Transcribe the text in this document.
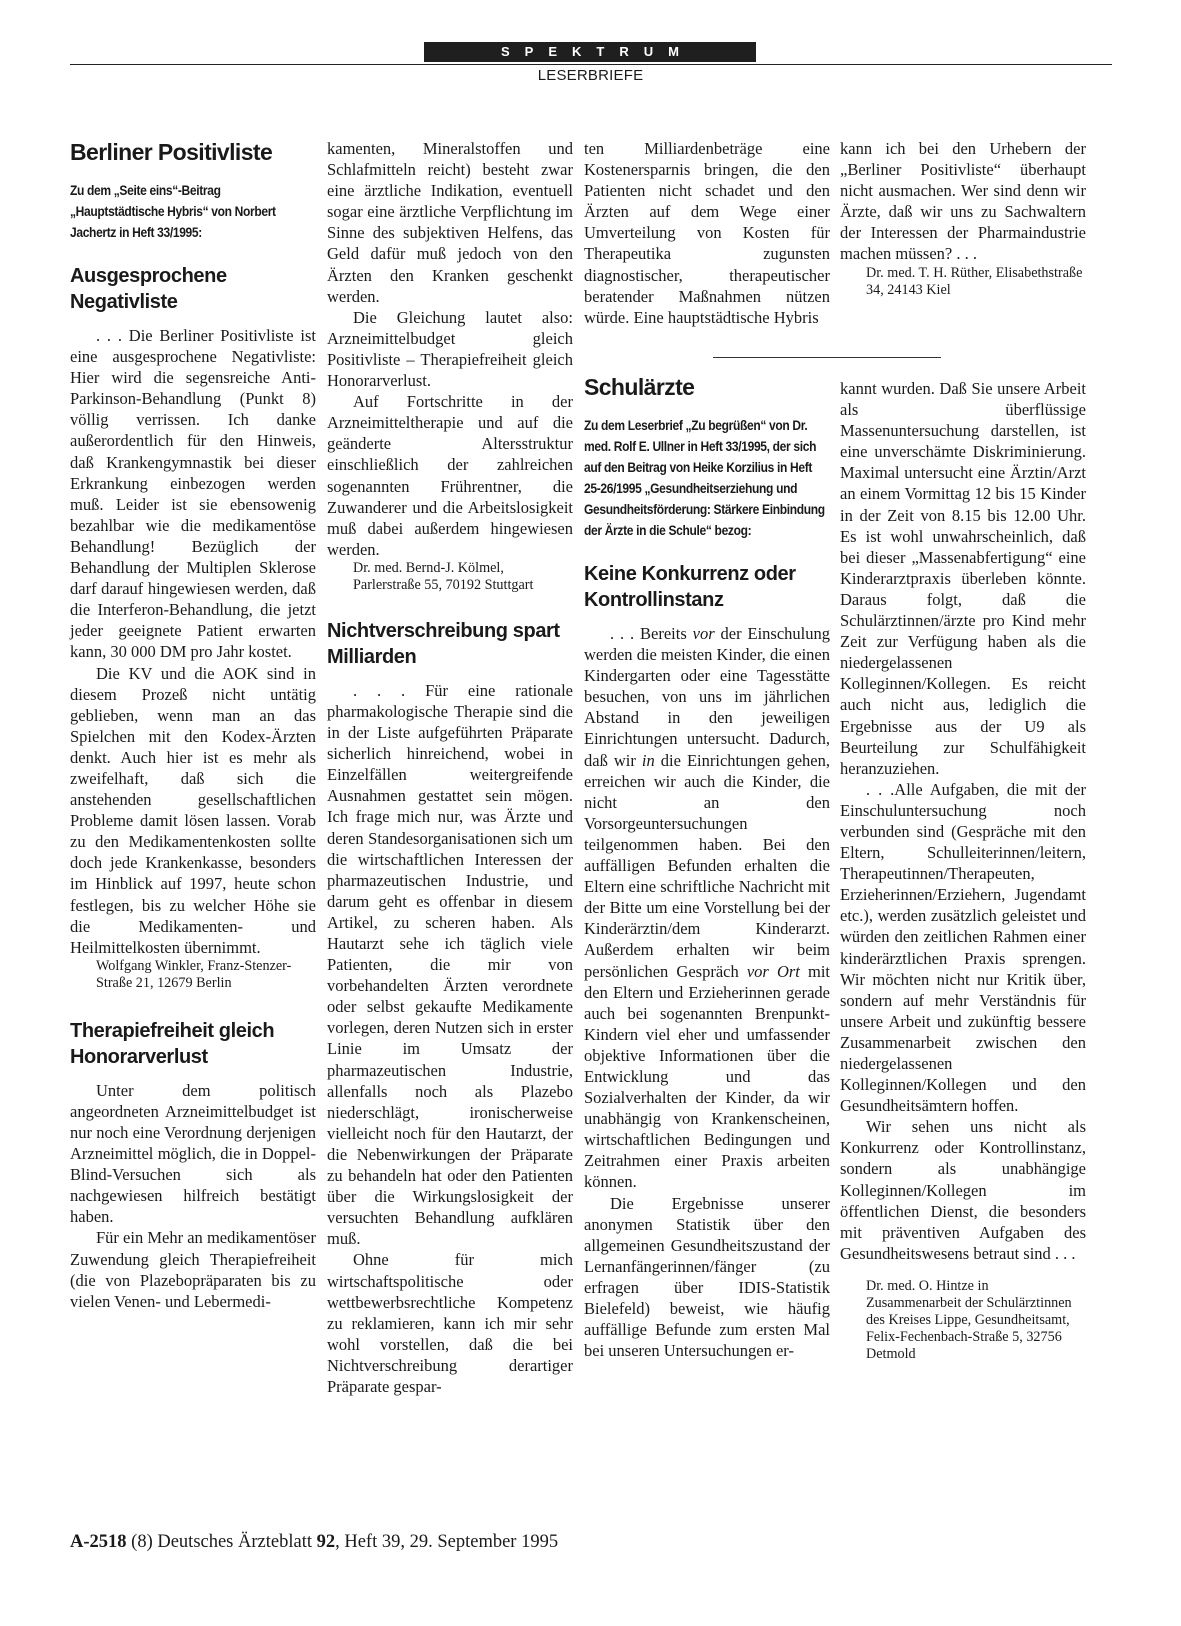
SPEKTRUM
LESERBRIEFE
Berliner Positivliste
Zu dem „Seite eins“-Beitrag „Hauptstädtische Hybris“ von Norbert Jachertz in Heft 33/1995:
Ausgesprochene Negativliste

. . . Die Berliner Positivliste ist eine ausgesprochene Negativliste: Hier wird die segensreiche Anti-Parkinson-Behandlung (Punkt 8) völlig verrissen. Ich danke außerordentlich für den Hinweis, daß Krankengymnastik bei dieser Erkrankung einbezogen werden muß. Leider ist sie ebensowenig bezahlbar wie die medikamentöse Behandlung! Bezüglich der Behandlung der Multiplen Sklerose darf darauf hingewiesen werden, daß die Interferon-Behandlung, die jetzt jeder geeignete Patient erwarten kann, 30 000 DM pro Jahr kostet.

Die KV und die AOK sind in diesem Prozeß nicht untätig geblieben, wenn man an das Spielchen mit den Kodex-Ärzten denkt. Auch hier ist es mehr als zweifelhaft, daß sich die anstehenden gesellschaftlichen Probleme damit lösen lassen. Vorab zu den Medikamentenkosten sollte doch jede Krankenkasse, besonders im Hinblick auf 1997, heute schon festlegen, bis zu welcher Höhe sie die Medikamenten- und Heilmittelkosten übernimmt.

Wolfgang Winkler, Franz-Stenzer-Straße 21, 12679 Berlin

Therapiefreiheit gleich Honorarverlust

Unter dem politisch angeordneten Arzneimittelbudget ist nur noch eine Verordnung derjenigen Arzneimittel möglich, die in Doppel-Blind-Versuchen sich als nachgewiesen hilfreich bestätigt haben.

Für ein Mehr an medikamentöser Zuwendung gleich Therapiefreiheit (die von Plazebopräparaten bis zu vielen Venen- und Lebermedi-

kamenten, Mineralstoffen und Schlafmitteln reicht) besteht zwar eine ärztliche Indikation, eventuell sogar eine ärztliche Verpflichtung im Sinne des subjektiven Helfens, das Geld dafür muß jedoch von den Ärzten den Kranken geschenkt werden.

Die Gleichung lautet also: Arzneimittelbudget gleich Positivliste – Therapiefreiheit gleich Honorarverlust.

Auf Fortschritte in der Arzneimitteltherapie und auf die geänderte Altersstruktur einschließlich der zahlreichen sogenannten Frührentner, die Zuwanderer und die Arbeitslosigkeit muß dabei außerdem hingewiesen werden.

Dr. med. Bernd-J. Kölmel, Parlerstraße 55, 70192 Stuttgart

Nichtverschreibung spart Milliarden

. . . Für eine rationale pharmakologische Therapie sind die in der Liste aufgeführten Präparate sicherlich hinreichend, wobei in Einzelfällen weitergreifende Ausnahmen gestattet sein mögen. Ich frage mich nur, was Ärzte und deren Standesorganisationen sich um die wirtschaftlichen Interessen der pharmazeutischen Industrie, und darum geht es offenbar in diesem Artikel, zu scheren haben. Als Hautarzt sehe ich täglich viele Patienten, die mir von vorbehandelten Ärzten verordnete oder selbst gekaufte Medikamente vorlegen, deren Nutzen sich in erster Linie im Umsatz der pharmazeutischen Industrie, allenfalls noch als Plazebo niederschlägt, ironischerweise vielleicht noch für den Hautarzt, der die Nebenwirkungen der Präparate zu behandeln hat oder den Patienten über die Wirkungslosigkeit der versuchten Behandlung aufklären muß.

Ohne für mich wirtschaftspolitische oder wettbewerbsrechtliche Kompetenz zu reklamieren, kann ich mir sehr wohl vorstellen, daß die bei Nichtverschreibung derartiger Präparate gespar-

ten Milliardenbeträge eine Kostenersparnis bringen, die den Patienten nicht schadet und den Ärzten auf dem Wege einer Umverteilung von Kosten für Therapeutika zugunsten diagnostischer, therapeutischer beratender Maßnahmen nützen würde. Eine hauptstädtische Hybris

kann ich bei den Urhebern der „Berliner Positivliste“ überhaupt nicht ausmachen. Wer sind denn wir Ärzte, daß wir uns zu Sachwaltern der Interessen der Pharmaindustrie machen müssen? . . .

Dr. med. T. H. Rüther, Elisabethstraße 34, 24143 Kiel

Schulärzte
Zu dem Leserbrief „Zu begrüßen“ von Dr. med. Rolf E. Ullner in Heft 33/1995, der sich auf den Beitrag von Heike Korzilius in Heft 25-26/1995 „Gesundheitserziehung und Gesundheitsförderung: Stärkere Einbindung der Ärzte in die Schule“ bezog:
Keine Konkurrenz oder Kontrollinstanz

. . . Bereits vor der Einschulung werden die meisten Kinder, die einen Kindergarten oder eine Tagesstätte besuchen, von uns im jährlichen Abstand in den jeweiligen Einrichtungen untersucht. Dadurch, daß wir in die Einrichtungen gehen, erreichen wir auch die Kinder, die nicht an den Vorsorgeuntersuchungen teilgenommen haben. Bei den auffälligen Befunden erhalten die Eltern eine schriftliche Nachricht mit der Bitte um eine Vorstellung bei der Kinderärztin/dem Kinderarzt. Außerdem erhalten wir beim persönlichen Gespräch vor Ort mit den Eltern und Erzieherinnen gerade auch bei sogenannten Brenpunkt-Kindern viel eher und umfassender objektive Informationen über die Entwicklung und das Sozialverhalten der Kinder, da wir unabhängig von Krankenscheinen, wirtschaftlichen Bedingungen und Zeitrahmen einer Praxis arbeiten können.

Die Ergebnisse unserer anonymen Statistik über den allgemeinen Gesundheitszustand der Lernanfängerinnen/fänger (zu erfragen über IDIS-Statistik Bielefeld) beweist, wie häufig auffällige Befunde zum ersten Mal bei unseren Untersuchungen er-

kannt wurden. Daß Sie unsere Arbeit als überflüssige Massenuntersuchung darstellen, ist eine unverschämte Diskriminierung. Maximal untersucht eine Ärztin/Arzt an einem Vormittag 12 bis 15 Kinder in der Zeit von 8.15 bis 12.00 Uhr. Es ist wohl unwahrscheinlich, daß bei dieser „Massenabfertigung“ eine Kinderarztpraxis überleben könnte. Daraus folgt, daß die Schulärztinnen/ärzte pro Kind mehr Zeit zur Verfügung haben als die niedergelassenen Kolleginnen/Kollegen. Es reicht auch nicht aus, lediglich die Ergebnisse aus der U9 als Beurteilung zur Schulfähigkeit heranzuziehen.

. . .Alle Aufgaben, die mit der Einschuluntersuchung noch verbunden sind (Gespräche mit den Eltern, Schulleiterinnen/leitern, Therapeutinnen/Therapeuten, Erzieherinnen/Erziehern, Jugendamt etc.), werden zusätzlich geleistet und würden den zeitlichen Rahmen einer kinderärztlichen Praxis sprengen. Wir möchten nicht nur Kritik über, sondern auf mehr Verständnis für unsere Arbeit und zukünftig bessere Zusammenarbeit zwischen den niedergelassenen Kolleginnen/Kollegen und den Gesundheitsämtern hoffen.

Wir sehen uns nicht als Konkurrenz oder Kontrollinstanz, sondern als unabhängige Kolleginnen/Kollegen im öffentlichen Dienst, die besonders mit präventiven Aufgaben des Gesundheitswesens betraut sind . . .

Dr. med. O. Hintze in Zusammenarbeit der Schulärztinnen des Kreises Lippe, Gesundheitsamt, Felix-Fechenbach-Straße 5, 32756 Detmold

A-2518 (8) Deutsches Ärzteblatt 92, Heft 39, 29. September 1995
